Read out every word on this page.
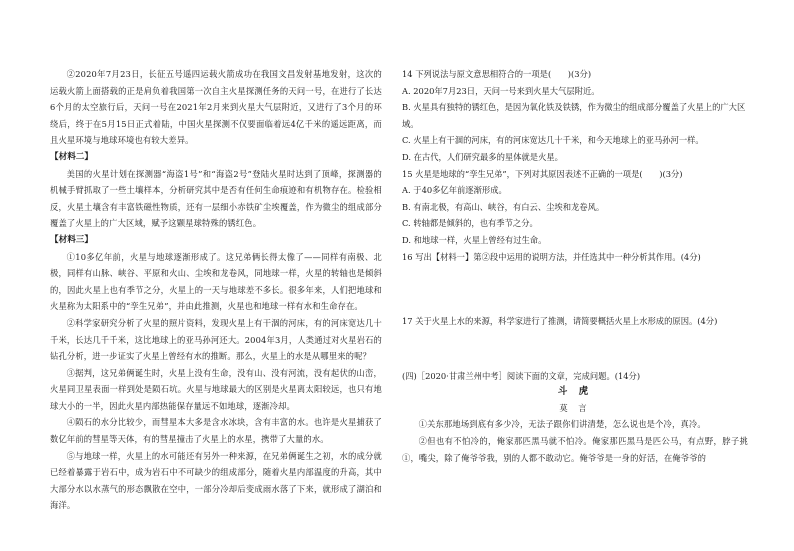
②2020年7月23日，长征五号遥四运载火箭成功在我国文昌发射基地发射，这次的运载火箭上面搭载的正是肩负着我国第一次自主火星探测任务的天问一号，在进行了长达6个月的太空旅行后，天问一号在2021年2月来到火星大气层附近，又进行了3个月的环绕后，终于在5月15日正式着陆，中国火星探测不仅要面临着远4亿千米的遥远距离，而且火星环境与地球环境也有较大差异。

【材料二】

美国的火星计划在探测器“海盗1号”和“海盗2号”登陆火星时达到了顶峰，探测器的机械手臂抓取了一些土壤样本，分析研究其中是否有任何生命痕迹和有机物存在。检验相反，火星土壤含有丰富铁磁性物质，还有一层细小赤铁矿尘埃覆盖，作为微尘的组成部分覆盖了火星上的广大区域，赋予这颗星球特殊的锈红色。

【材料三】

①10多亿年前，火星与地球逐渐形成了。这兄弟俩长得太像了——同样有南极、北极，同样有山脉、峡谷、平原和火山、尘埃和龙卷风，同地球一样，火星的转轴也是倾斜的，因此火星上也有季节之分，火星上的一天与地球差不多长。很多年来，人们把地球和火星称为太阳系中的“孪生兄弟”，并由此推测，火星也和地球一样有水和生命存在。

②科学家研究分析了火星的照片资料，发现火星上有干涸的河床，有的河床宽达几十千米，长达几千千米，这比地球上的亚马孙河还大。2004年3月，人类通过对火星岩石的钻孔分析，进一步证实了火星上曾经有水的推断。那么，火星上的水是从哪里来的呢？

③据判，这兄弟俩诞生时，火星上没有生命，没有山、没有河流，没有起伏的山峦，火星同卫星表面一样到处是陨石坑。火星与地球最大的区别是火星离太阳较远，也只有地球大小的一半，因此火星内部热能保存量远不如地球，逐渐冷却。

④陨石的水分比较少，而彗星本大多是含水冰块，含有丰富的水。也许是火星捕获了数亿年前的彗星等天体，有的彗星撞击了火星上的水星，携带了大量的水。

⑤与地球一样，火星上的水可能还有另外一种来源，在兄弟俩诞生之初，水的成分就已经着暴露于岩石中，成为岩石中不可缺少的组成部分，随着火星内部温度的升高，其中大部分水以水蒸气的形态飘散在空中，一部分冷却后变成雨水落了下来，就形成了湖泊和海洋。

14 下列说法与原文意思相符合的一项是(　　)(3分)

A. 2020年7月23日，天问一号来到火星大气层附近。

B. 火星具有独特的锈红色，是因为氧化铁及铁锈，作为微尘的组成部分覆盖了火星上的广大区域。

C. 火星上有干涸的河床，有的河床宽达几十千米，和今天地球上的亚马孙河一样。

D. 在古代，人们研究最多的星体就是火星。

15 火星是地球的“孪生兄弟”，下列对其原因表述不正确的一项是(　　)(3分)

A. 于40多亿年前逐渐形成。

B. 有南北极，有高山、峡谷，有白云、尘埃和龙卷风。

C. 转轴都是倾斜的，也有季节之分。

D. 和地球一样，火星上曾经有过生命。

16 写出【材料一】第②段中运用的说明方法，并任选其中一种分析其作用。(4分)

17 关于火星上水的来源，科学家进行了推测，请简要概括火星上水形成的原因。(4分)

(四)［2020·甘肃兰州中考］阅读下面的文章，完成问题。(14分)

斗 虎

莫 言

①关东那地场到底有多少冷，无法子跟你们讲清楚，怎么说也是个冷，真冷。

②但也有不怕冷的，俺家那匹黑马就不怕冷。俺家那匹黑马是匹公马，有点野，脖子挑①，嘴尖，除了俺爷爷我，别的人都不敢动它。俺爷爷是一身的好活，在俺爷爷的
